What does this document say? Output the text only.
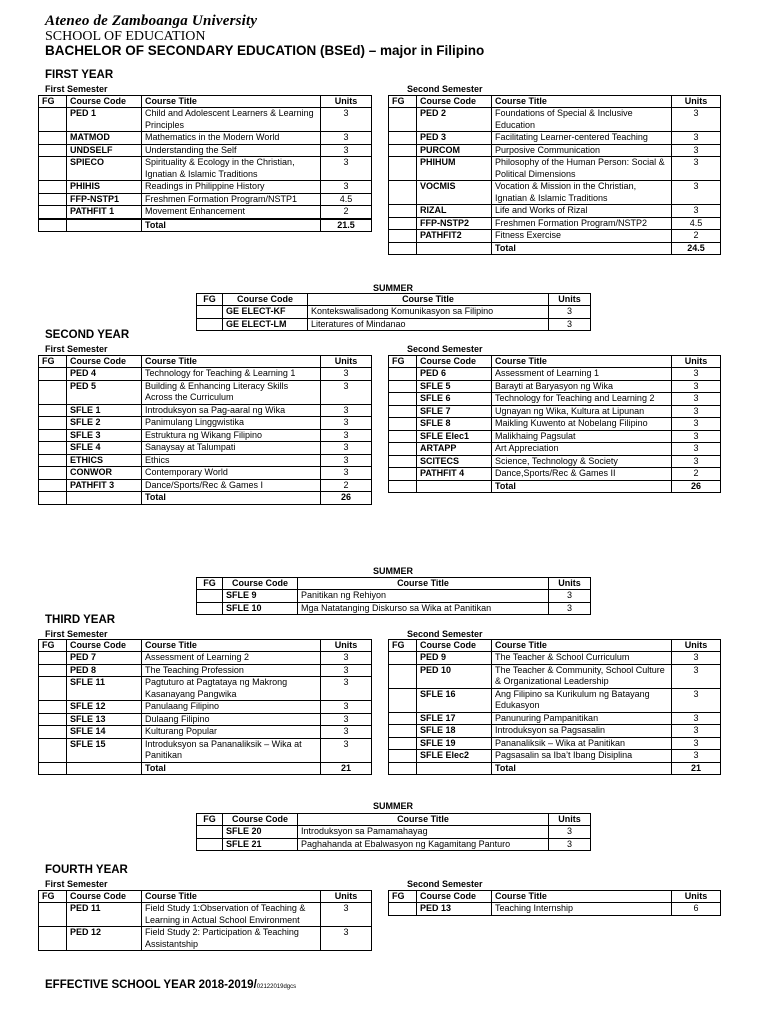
Ateneo de Zamboanga University
SCHOOL OF EDUCATION
BACHELOR OF SECONDARY EDUCATION (BSEd) – major in Filipino
FIRST YEAR
First Semester	Second Semester
FG	Course Code	Course Title	Units
	PED 1	Child and Adolescent Learners & Learning Principles	3
	MATMOD	Mathematics in the Modern World	3
	UNDSELF	Understanding the Self	3
	SPIECO	Spirituality & Ecology in the Christian, Ignatian & Islamic Traditions	3
	PHIHIS	Readings in Philippine History	3
	FFP-NSTP1	Freshmen Formation Program/NSTP1	4.5
	PATHFIT 1	Movement Enhancement	2

		Total	21.5
FG	Course Code	Course Title	Units
	PED 2	Foundations of Special & Inclusive Education	3
	PED 3	Facilitating Learner-centered Teaching	3
	PURCOM	Purposive Communication	3
	PHIHUM	Philosophy of the Human Person: Social & Political Dimensions	3
	VOCMIS	Vocation & Mission in the Christian, Ignatian & Islamic Traditions	3
	RIZAL	Life and Works of Rizal	3
	FFP-NSTP2	Freshmen Formation Program/NSTP2	4.5
	PATHFIT2	Fitness Exercise	2
		Total	24.5
SUMMER
FG	Course Code	Course Title	Units
	GE ELECT-KF	Kontekswalisadong Komunikasyon sa Filipino	3
	GE ELECT-LM	Literatures of Mindanao	3
SECOND YEAR
First Semester	Second Semester
FG	Course Code	Course Title	Units
	PED 4	Technology for Teaching & Learning 1	3
	PED 5	Building & Enhancing Literacy Skills Across the Curriculum	3
	SFLE 1	Introduksyon sa Pag-aaral ng Wika	3
	SFLE 2	Panimulang Linggwistika	3
	SFLE 3	Estruktura ng Wikang Filipino	3
	SFLE 4	Sanaysay at Talumpati	3
	ETHICS	Ethics	3
	CONWOR	Contemporary World	3
	PATHFIT 3	Dance/Sports/Rec & Games I	2
		Total	26
FG	Course Code	Course Title	Units
	PED 6	Assessment of Learning 1	3
	SFLE 5	Barayti at Baryasyon ng Wika	3
	SFLE 6	Technology for Teaching and Learning 2	3
	SFLE 7	Ugnayan ng Wika, Kultura at Lipunan	3
	SFLE 8	Maikling Kuwento at Nobelang Filipino	3
	SFLE Elec1	Malikhaing Pagsulat	3
	ARTAPP	Art Appreciation	3
	SCITECS	Science, Technology & Society	3
	PATHFIT 4	Dance,Sports/Rec & Games II	2
		Total	26
SUMMER
FG	Course Code	Course Title	Units
	SFLE 9	Panitikan ng Rehiyon	3
	SFLE 10	Mga Natatanging Diskurso sa Wika at Panitikan	3
THIRD YEAR
First Semester	Second Semester
FG	Course Code	Course Title	Units
	PED 7	Assessment of Learning 2	3
	PED 8	The Teaching Profession	3
	SFLE 11	Pagtuturo at Pagtataya ng Makrong Kasanayang Pangwika	3
	SFLE 12	Panulaang Filipino	3
	SFLE 13	Dulaang Filipino	3
	SFLE 14	Kulturang Popular	3
	SFLE 15	Introduksyon sa Pananaliksik – Wika at Panitikan	3
		Total	21
FG	Course Code	Course Title	Units
	PED 9	The Teacher & School Curriculum	3
	PED 10	The Teacher & Community, School Culture & Organizational Leadership	3
	SFLE 16	Ang Filipino sa Kurikulum ng Batayang Edukasyon	3
	SFLE 17	Panunuring Pampanitikan	3
	SFLE 18	Introduksyon sa Pagsasalin	3
	SFLE 19	Pananaliksik – Wika at Panitikan	3
	SFLE Elec2	Pagsasalin sa Iba’t Ibang Disiplina	3
		Total	21
SUMMER
FG	Course Code	Course Title	Units
	SFLE 20	Introduksyon sa Pamamahayag	3
	SFLE 21	Paghahanda at Ebalwasyon ng Kagamitang Panturo	3
FOURTH YEAR
First Semester	Second Semester
FG	Course Code	Course Title	Units
	PED 11	Field Study 1:Observation of Teaching & Learning in Actual School Environment	3
	PED 12	Field Study 2: Participation & Teaching Assistantship	3
FG	Course Code	Course Title	Units
	PED 13	Teaching Internship	6
EFFECTIVE SCHOOL YEAR 2018-2019/02122019dgcs
